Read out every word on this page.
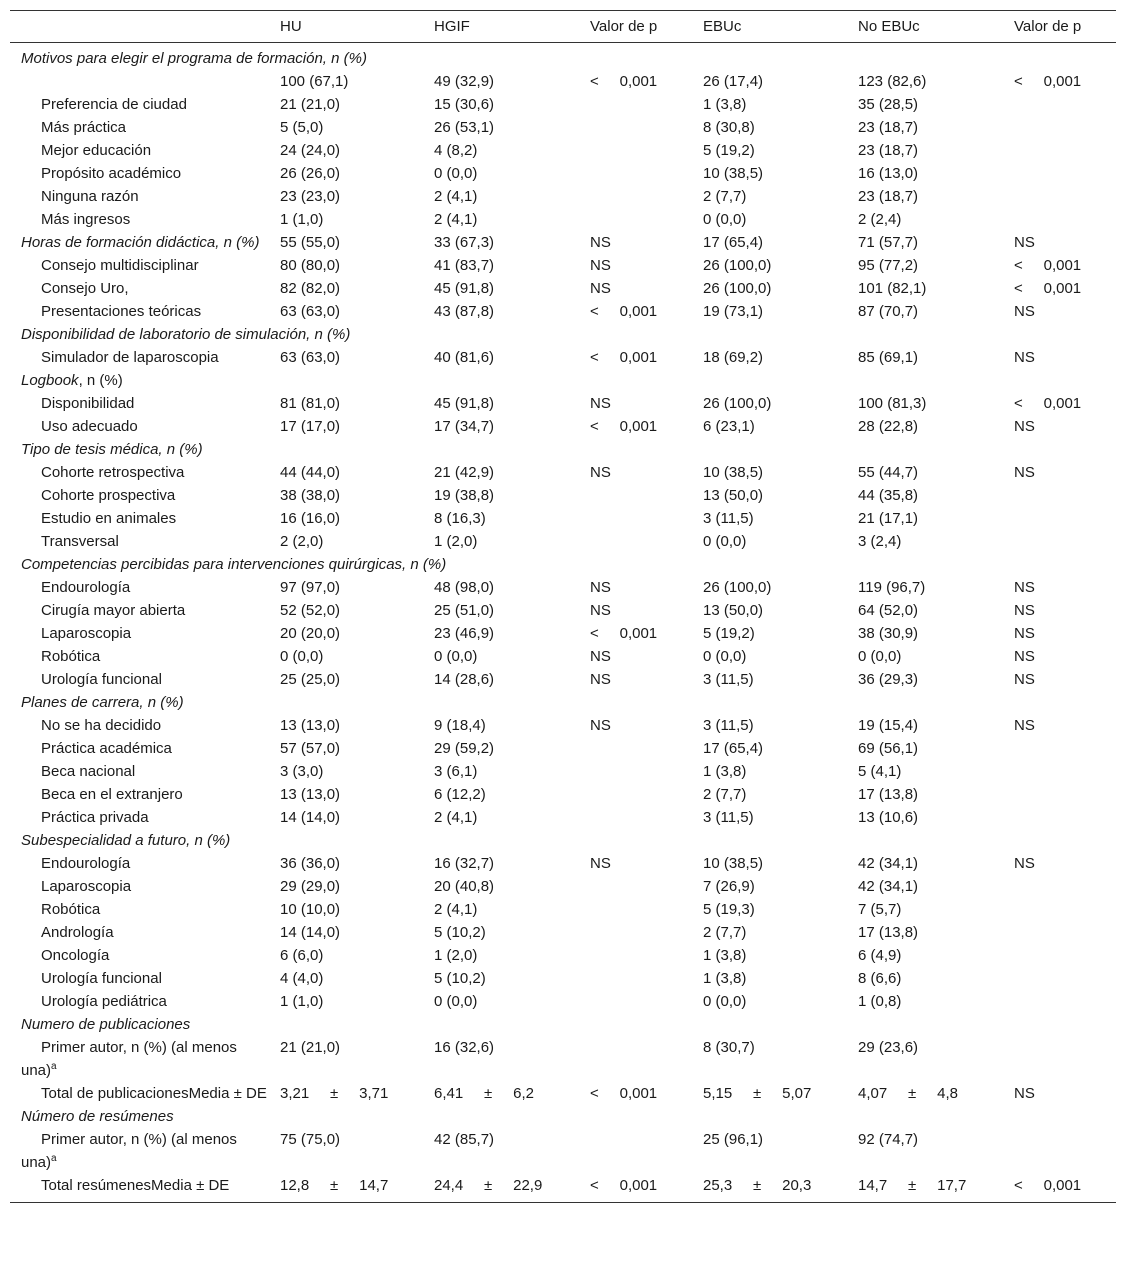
	HU	HGIF	Valor de p	EBUc	No EBUc	Valor de p
Motivos para elegir el programa de formación, n (%)						
	100 (67,1)	49 (32,9)	<     0,001	26 (17,4)	123 (82,6)	<     0,001
Preferencia de ciudad	21 (21,0)	15 (30,6)		1 (3,8)	35 (28,5)	
Más práctica	5 (5,0)	26 (53,1)		8 (30,8)	23 (18,7)	
Mejor educación	24 (24,0)	4 (8,2)		5 (19,2)	23 (18,7)	
Propósito académico	26 (26,0)	0 (0,0)		10 (38,5)	16 (13,0)	
Ninguna razón	23 (23,0)	2 (4,1)		2 (7,7)	23 (18,7)	
Más ingresos	1 (1,0)	2 (4,1)		0 (0,0)	2 (2,4)	
Horas de formación didáctica, n (%)	55 (55,0)	33 (67,3)	NS	17 (65,4)	71 (57,7)	NS
Consejo multidisciplinar	80 (80,0)	41 (83,7)	NS	26 (100,0)	95 (77,2)	<     0,001
Consejo Uro,	82 (82,0)	45 (91,8)	NS	26 (100,0)	101 (82,1)	<     0,001
Presentaciones teóricas	63 (63,0)	43 (87,8)	<     0,001	19 (73,1)	87 (70,7)	NS
Disponibilidad de laboratorio de simulación, n (%)						
Simulador de laparoscopia	63 (63,0)	40 (81,6)	<     0,001	18 (69,2)	85 (69,1)	NS
Logbook, n (%)						
Disponibilidad	81 (81,0)	45 (91,8)	NS	26 (100,0)	100 (81,3)	<     0,001
Uso adecuado	17 (17,0)	17 (34,7)	<     0,001	6 (23,1)	28 (22,8)	NS
Tipo de tesis médica, n (%)						
Cohorte retrospectiva	44 (44,0)	21 (42,9)	NS	10 (38,5)	55 (44,7)	NS
Cohorte prospectiva	38 (38,0)	19 (38,8)		13 (50,0)	44 (35,8)	
Estudio en animales	16 (16,0)	8 (16,3)		3 (11,5)	21 (17,1)	
Transversal	2 (2,0)	1 (2,0)		0 (0,0)	3 (2,4)	
Competencias percibidas para intervenciones quirúrgicas, n (%)						
Endourología	97 (97,0)	48 (98,0)	NS	26 (100,0)	119 (96,7)	NS
Cirugía mayor abierta	52 (52,0)	25 (51,0)	NS	13 (50,0)	64 (52,0)	NS
Laparoscopia	20 (20,0)	23 (46,9)	<     0,001	5 (19,2)	38 (30,9)	NS
Robótica	0 (0,0)	0 (0,0)	NS	0 (0,0)	0 (0,0)	NS
Urología funcional	25 (25,0)	14 (28,6)	NS	3 (11,5)	36 (29,3)	NS
Planes de carrera, n (%)						
No se ha decidido	13 (13,0)	9 (18,4)	NS	3 (11,5)	19 (15,4)	NS
Práctica académica	57 (57,0)	29 (59,2)		17 (65,4)	69 (56,1)	
Beca nacional	3 (3,0)	3 (6,1)		1 (3,8)	5 (4,1)	
Beca en el extranjero	13 (13,0)	6 (12,2)		2 (7,7)	17 (13,8)	
Práctica privada	14 (14,0)	2 (4,1)		3 (11,5)	13 (10,6)	
Subespecialidad a futuro, n (%)						
Endourología	36 (36,0)	16 (32,7)	NS	10 (38,5)	42 (34,1)	NS
Laparoscopia	29 (29,0)	20 (40,8)		7 (26,9)	42 (34,1)	
Robótica	10 (10,0)	2 (4,1)		5 (19,3)	7 (5,7)	
Andrología	14 (14,0)	5 (10,2)		2 (7,7)	17 (13,8)	
Oncología	6 (6,0)	1 (2,0)		1 (3,8)	6 (4,9)	
Urología funcional	4 (4,0)	5 (10,2)		1 (3,8)	8 (6,6)	
Urología pediátrica	1 (1,0)	0 (0,0)		0 (0,0)	1 (0,8)	
Numero de publicaciones						
Primer autor, n (%) (al menos una)$^a$	21 (21,0)	16 (32,6)		8 (30,7)	29 (23,6)	
Total de publicacionesMedia ± DE	3,21     ±     3,71	6,41     ±     6,2	<     0,001	5,15     ±     5,07	4,07     ±     4,8	NS
Número de resúmenes						
Primer autor, n (%) (al menos una)$^a$	75 (75,0)	42 (85,7)		25 (96,1)	92 (74,7)	
Total resúmenesMedia ± DE	12,8     ±     14,7	24,4     ±     22,9	<     0,001	25,3     ±     20,3	14,7     ±     17,7	<     0,001
